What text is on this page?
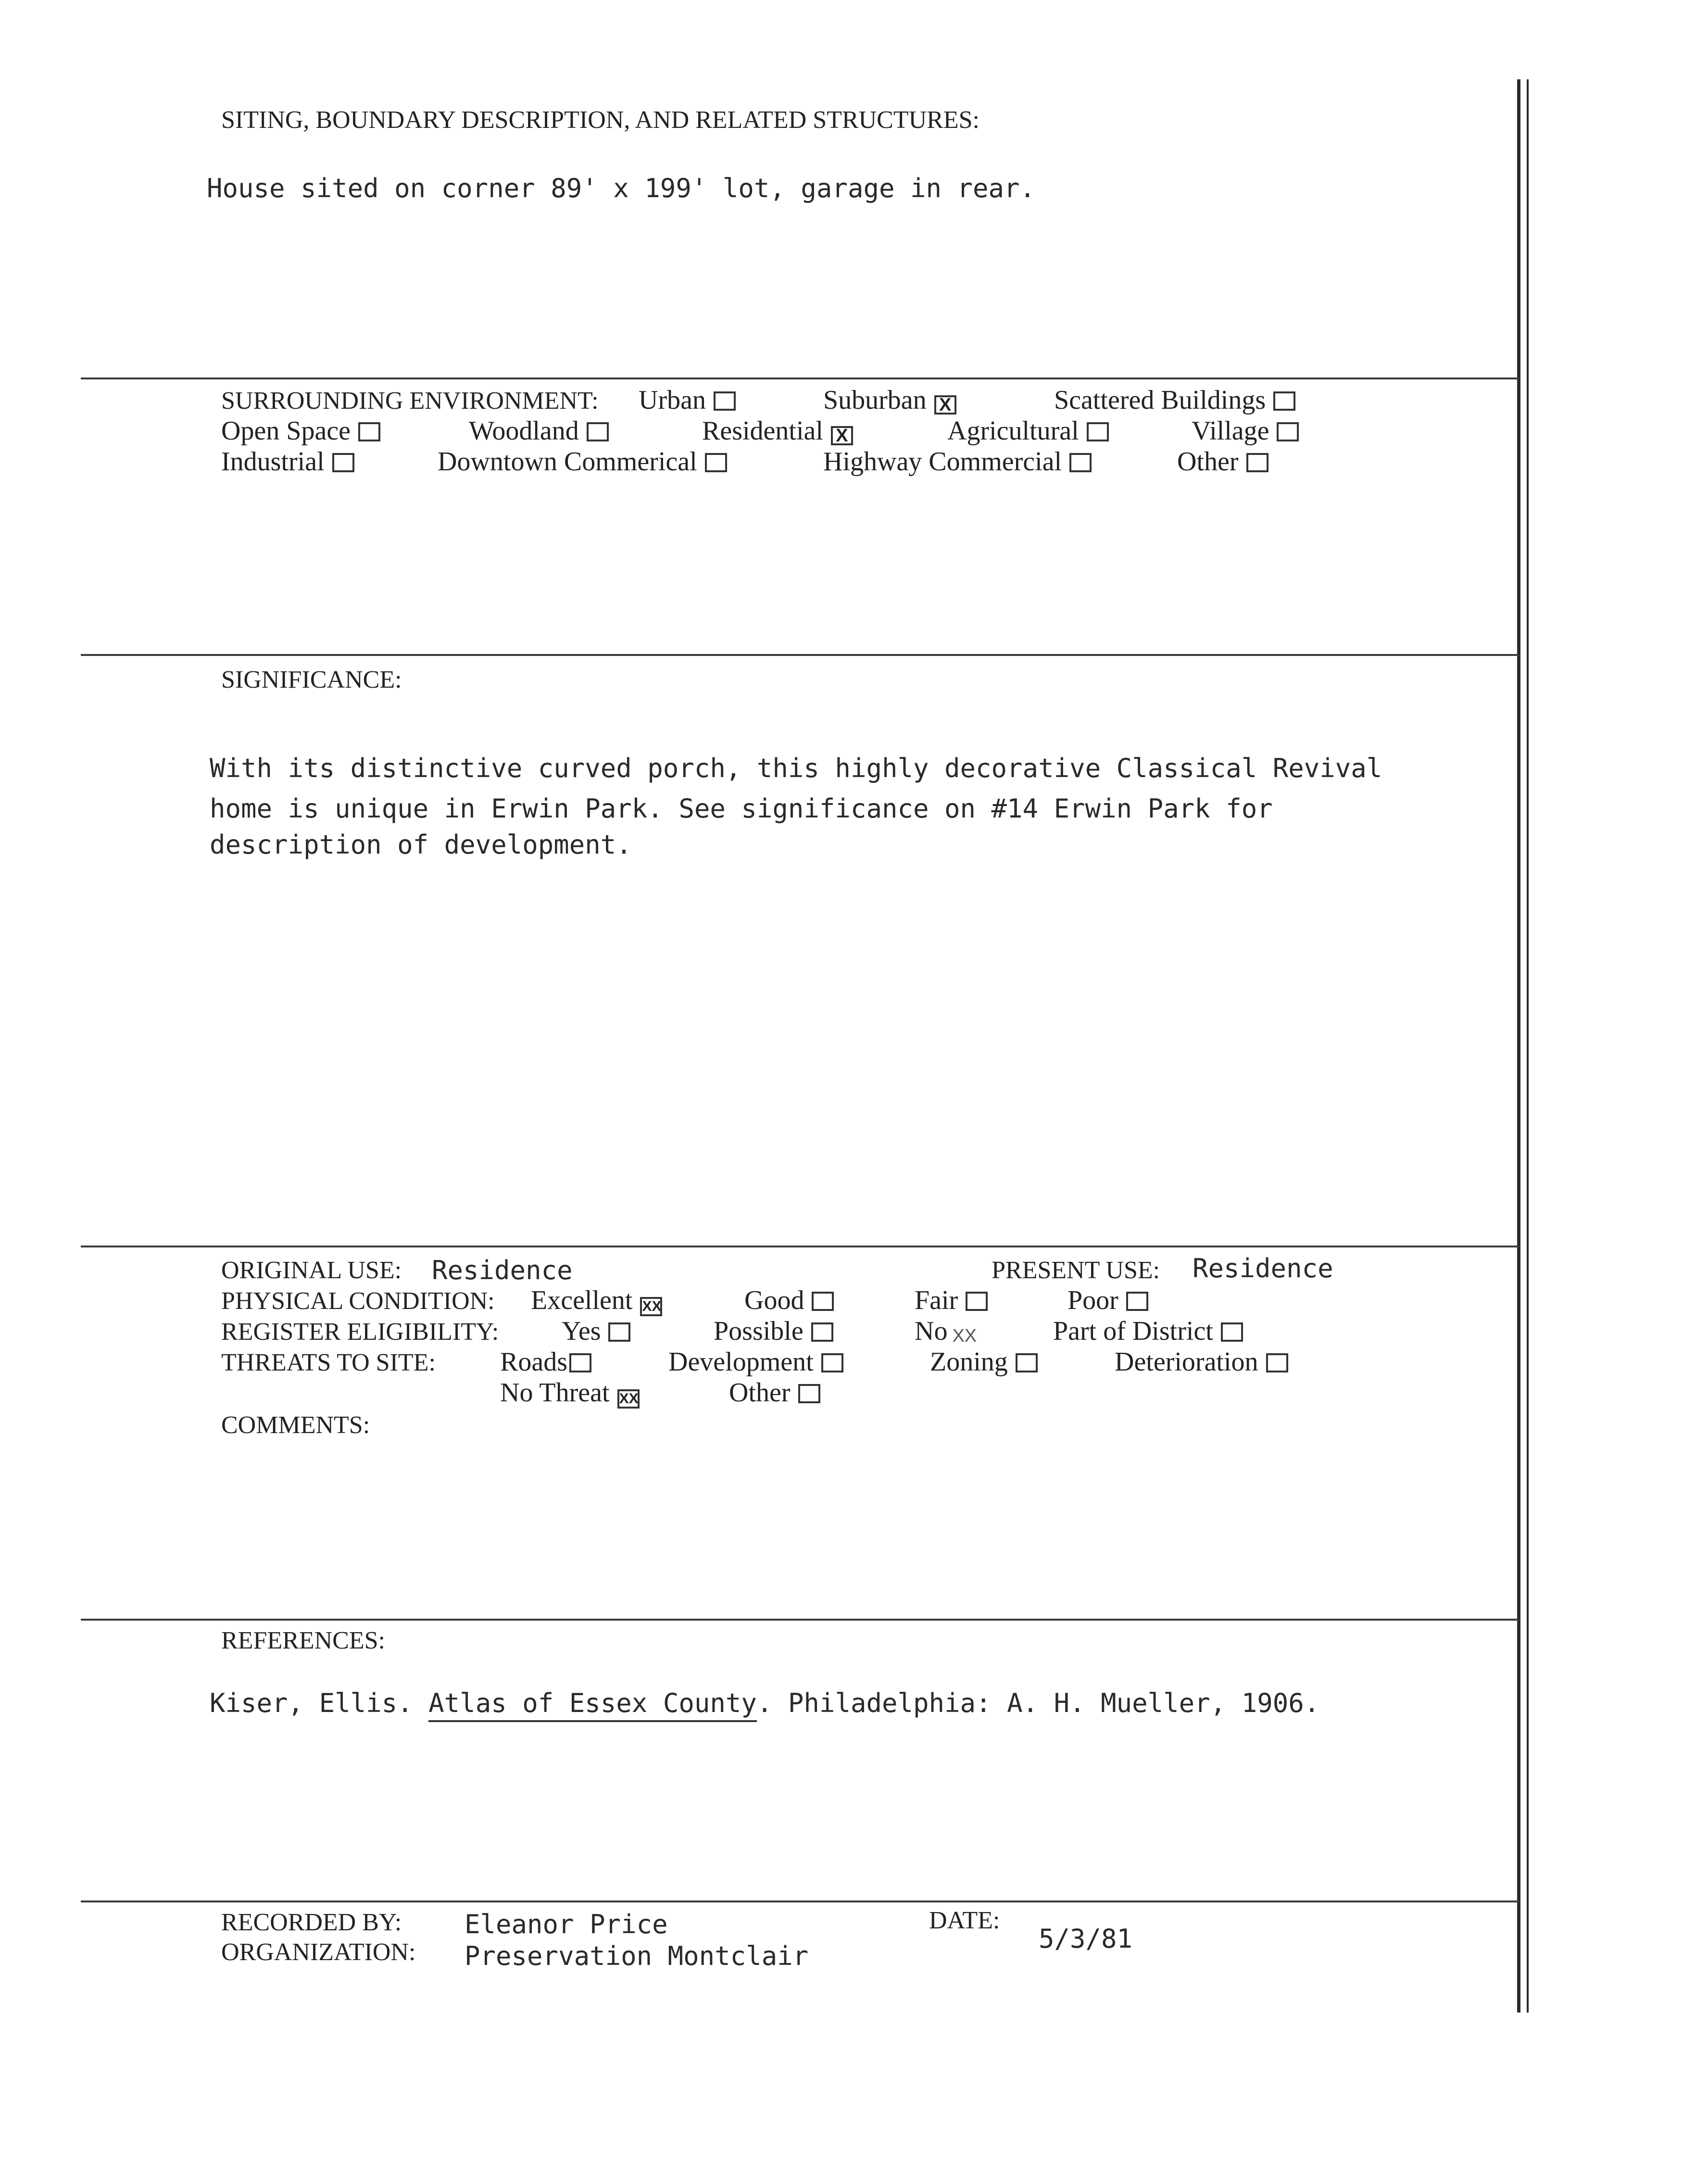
SITING, BOUNDARY DESCRIPTION, AND RELATED STRUCTURES:
House sited on corner 89' x 199' lot, garage in rear.
SURROUNDING ENVIRONMENT: Urban	Suburban X	Scattered Buildings
Open Space	Woodland	Residential X	Agricultural	Village
Industrial	Downtown Commerical	Highway Commercial	Other
SIGNIFICANCE:
With its distinctive curved porch, this highly decorative Classical Revival
home is unique in Erwin Park. See significance on #14 Erwin Park for
description of development.
ORIGINAL USE: Residence	PRESENT USE: Residence
PHYSICAL CONDITION: Excellent XX	Good	Fair	Poor
REGISTER ELIGIBILITY: Yes	Possible	No XX	Part of District
THREATS TO SITE: Roads	Development	Zoning	Deterioration
No Threat XX	Other
COMMENTS:
REFERENCES:
Kiser, Ellis. Atlas of Essex County. Philadelphia: A. H. Mueller, 1906.
RECORDED BY: Eleanor Price
ORGANIZATION: Preservation Montclair
DATE:
5/3/81
